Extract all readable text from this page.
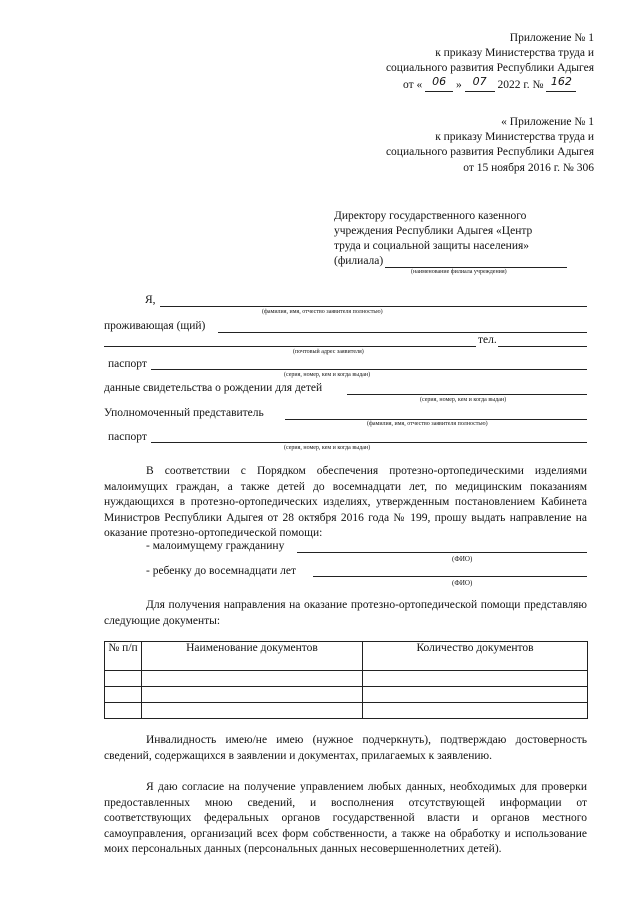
Приложение № 1
к приказу Министерства труда и
социального развития Республики Адыгея
от « 06 » 07 2022 г. № 162
« Приложение № 1
к приказу Министерства труда и
социального развития Республики Адыгея
от 15 ноября 2016 г. № 306
Директору государственного казенного
учреждения Республики Адыгея «Центр
труда и социальной защиты населения»
(филиала)
(наименование филиала учреждения)
Я,
(фамилия, имя, отчество заявителя полностью)
проживающая (щий)
тел.
(почтовый адрес заявителя)
паспорт
(серия, номер, кем и когда выдан)
данные свидетельства о рождении для детей
(серия, номер, кем и когда выдан)
Уполномоченный представитель
(фамилия, имя, отчество заявителя полностью)
паспорт
(серия, номер, кем и когда выдан)
В соответствии с Порядком обеспечения протезно-ортопедическими изделиями малоимущих граждан, а также детей до восемнадцати лет, по медицинским показаниям нуждающихся в протезно-ортопедических изделиях, утвержденным постановлением Кабинета Министров Республики Адыгея от 28 октября 2016 года № 199, прошу выдать направление на оказание протезно-ортопедической помощи:
- малоимущему гражданину
(ФИО)
- ребенку до восемнадцати лет
(ФИО)
Для получения направления на оказание протезно-ортопедической помощи представляю следующие документы:
№ п/п	Наименование документов	Количество документов

Инвалидность имею/не имею (нужное подчеркнуть), подтверждаю достоверность сведений, содержащихся в заявлении и документах, прилагаемых к заявлению.
Я даю согласие на получение управлением любых данных, необходимых для проверки предоставленных мною сведений, и восполнения отсутствующей информации от соответствующих федеральных органов государственной власти и органов местного самоуправления, организаций всех форм собственности, а также на обработку и использование моих персональных данных (персональных данных несовершеннолетних детей).
